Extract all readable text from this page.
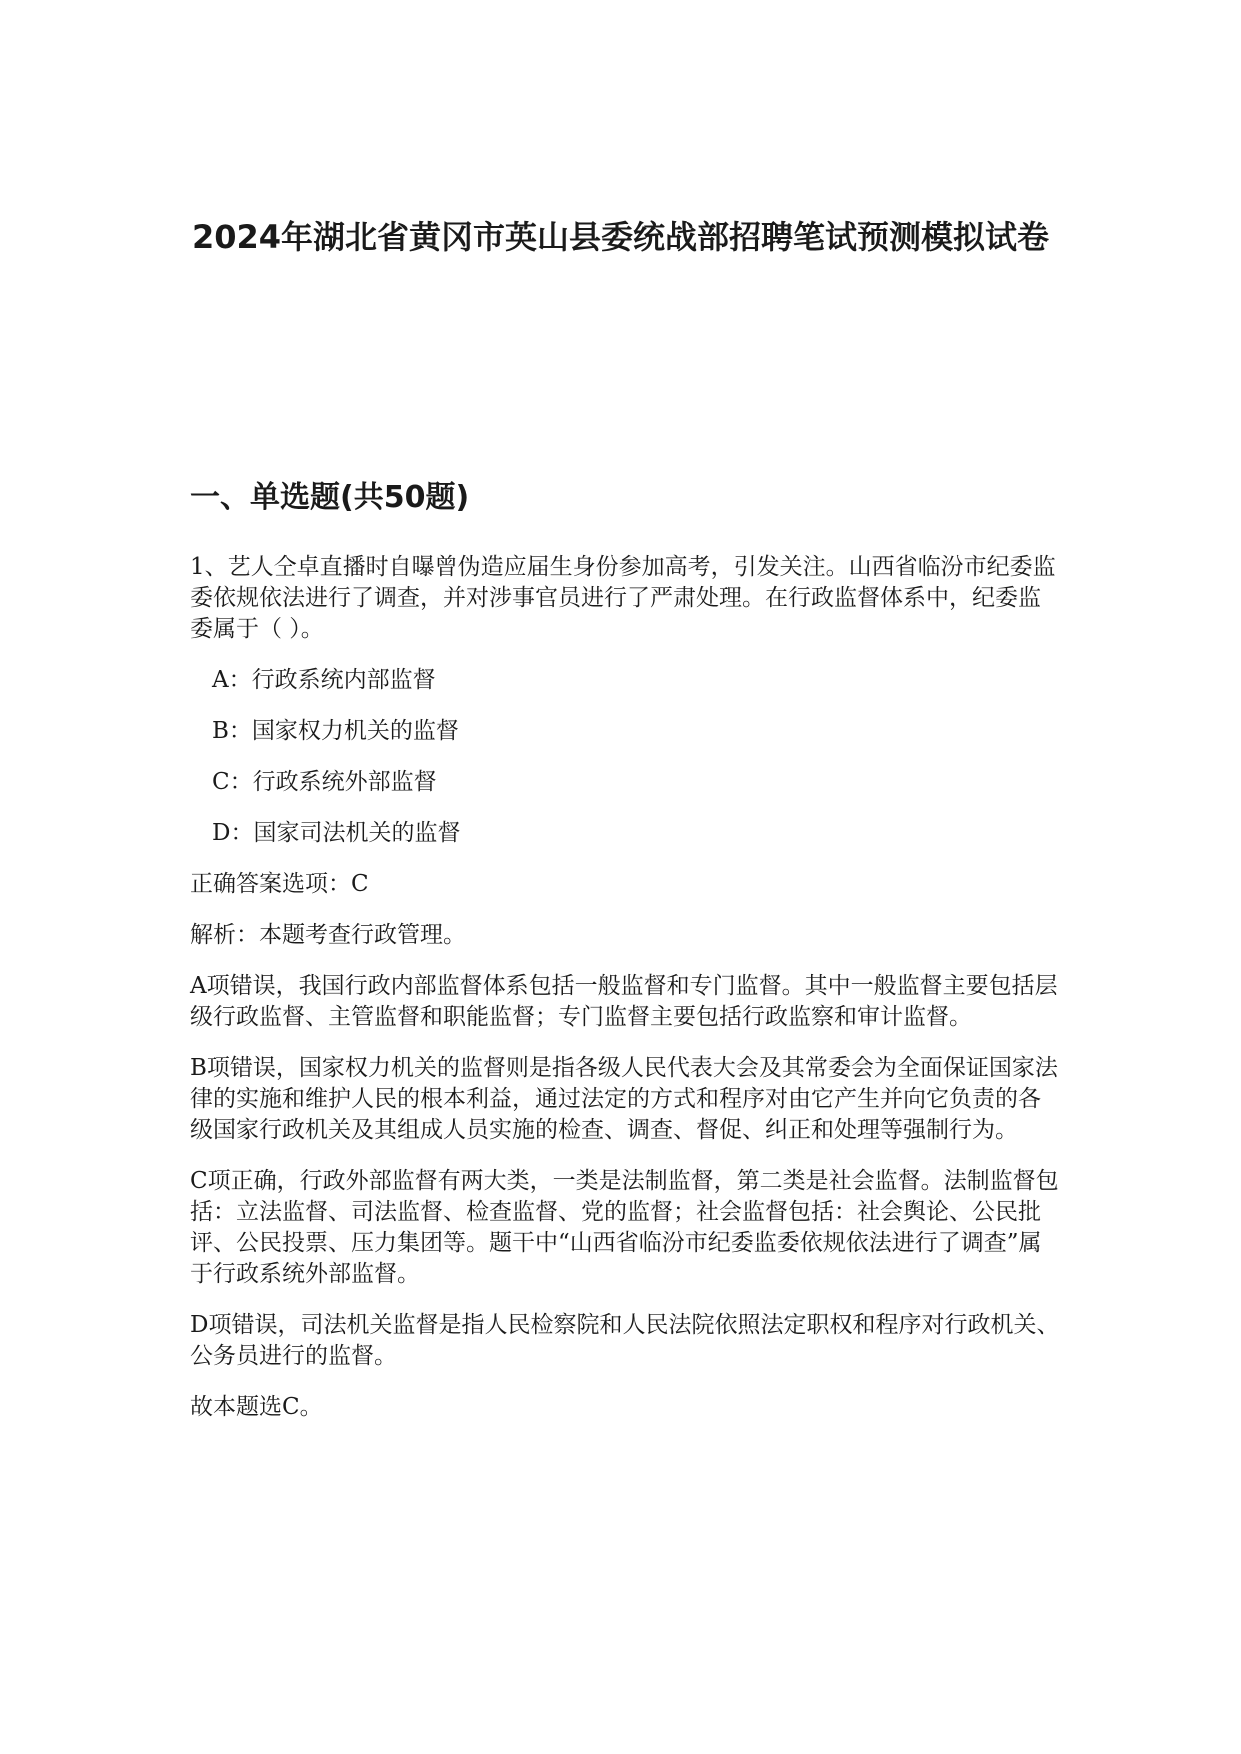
2024年湖北省黄冈市英山县委统战部招聘笔试预测模拟试卷
一、单选题(共50题)

1、艺人仝卓直播时自曝曾伪造应届生身份参加高考，引发关注。山西省临汾市纪委监委依规依法进行了调查，并对涉事官员进行了严肃处理。在行政监督体系中，纪委监委属于（ ）。

A：行政系统内部监督

B：国家权力机关的监督

C：行政系统外部监督

D：国家司法机关的监督

正确答案选项：C

解析：本题考查行政管理。

A项错误，我国行政内部监督体系包括一般监督和专门监督。其中一般监督主要包括层级行政监督、主管监督和职能监督；专门监督主要包括行政监察和审计监督。

B项错误，国家权力机关的监督则是指各级人民代表大会及其常委会为全面保证国家法律的实施和维护人民的根本利益，通过法定的方式和程序对由它产生并向它负责的各级国家行政机关及其组成人员实施的检查、调查、督促、纠正和处理等强制行为。

C项正确，行政外部监督有两大类，一类是法制监督，第二类是社会监督。法制监督包括：立法监督、司法监督、检查监督、党的监督；社会监督包括：社会舆论、公民批评、公民投票、压力集团等。题干中“山西省临汾市纪委监委依规依法进行了调查”属于行政系统外部监督。

D项错误，司法机关监督是指人民检察院和人民法院依照法定职权和程序对行政机关、公务员进行的监督。

故本题选C。
